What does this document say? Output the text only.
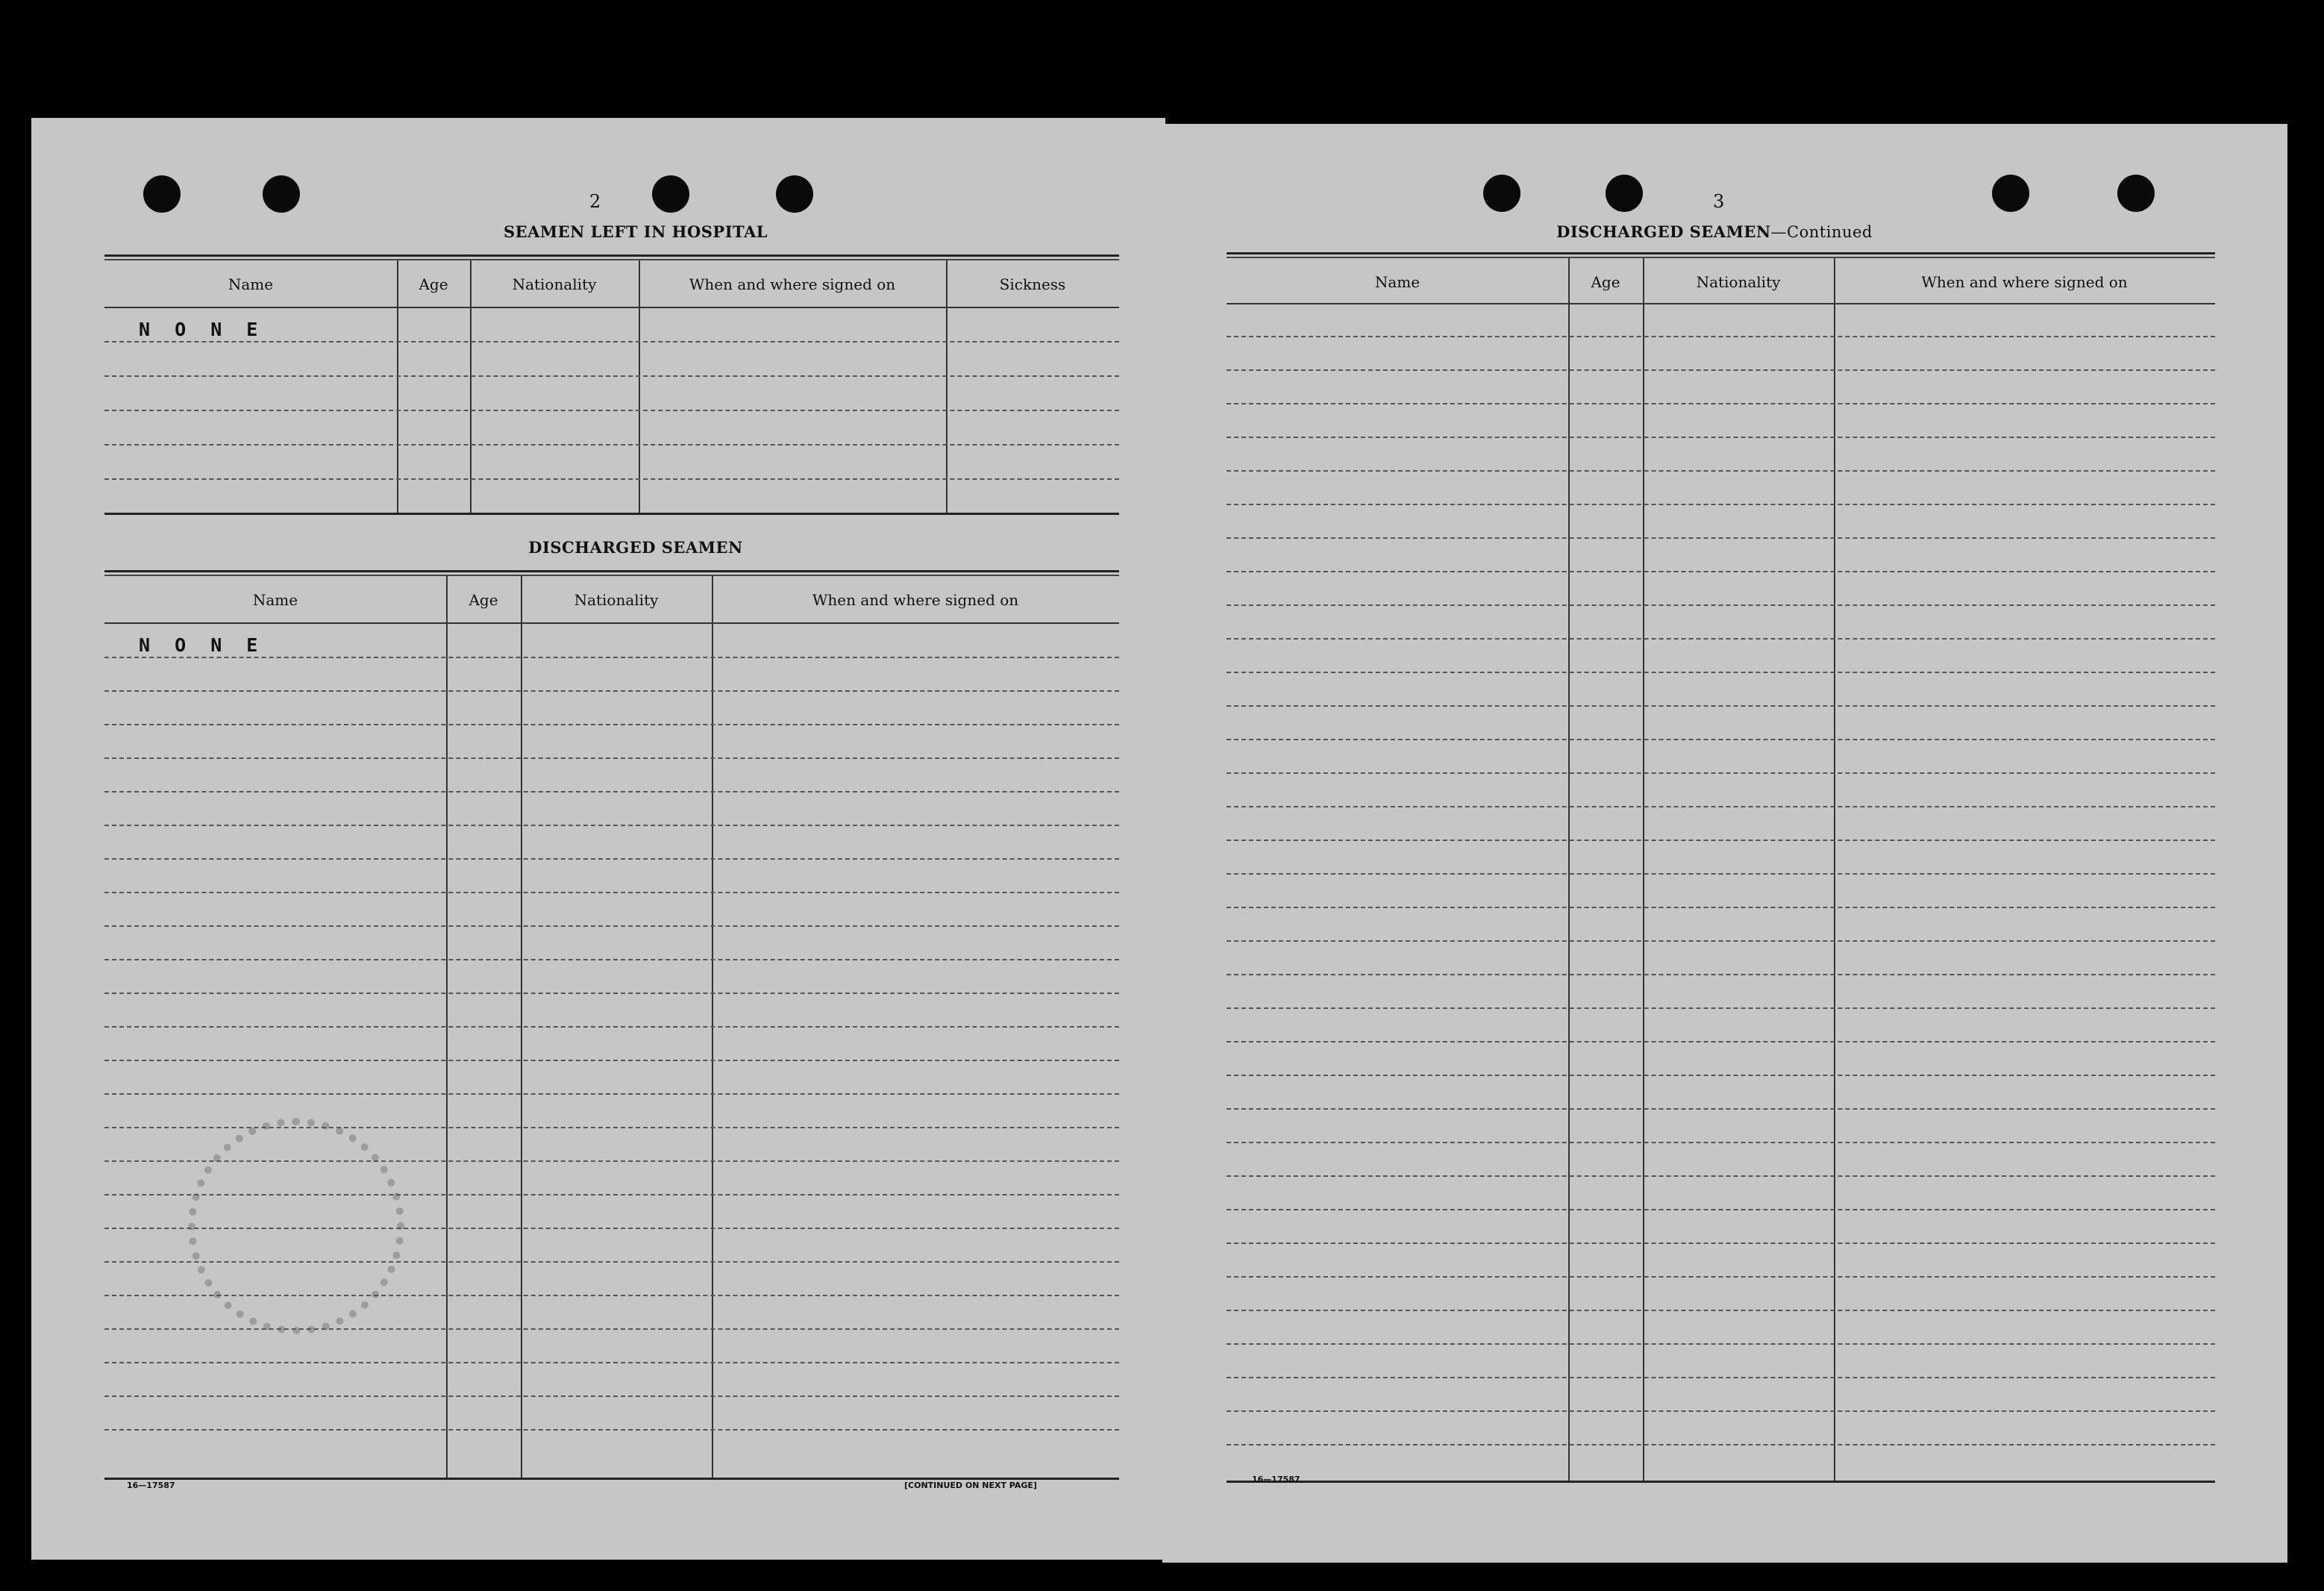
2
SEAMEN LEFT IN HOSPITAL
Name	Age	Nationality	When and where signed on	Sickness
N O N E
DISCHARGED SEAMEN
Name	Age	Nationality	When and where signed on
N O N E
16—17587	[CONTINUED ON NEXT PAGE]
3
DISCHARGED SEAMEN—Continued
Name	Age	Nationality	When and where signed on
16—17587
